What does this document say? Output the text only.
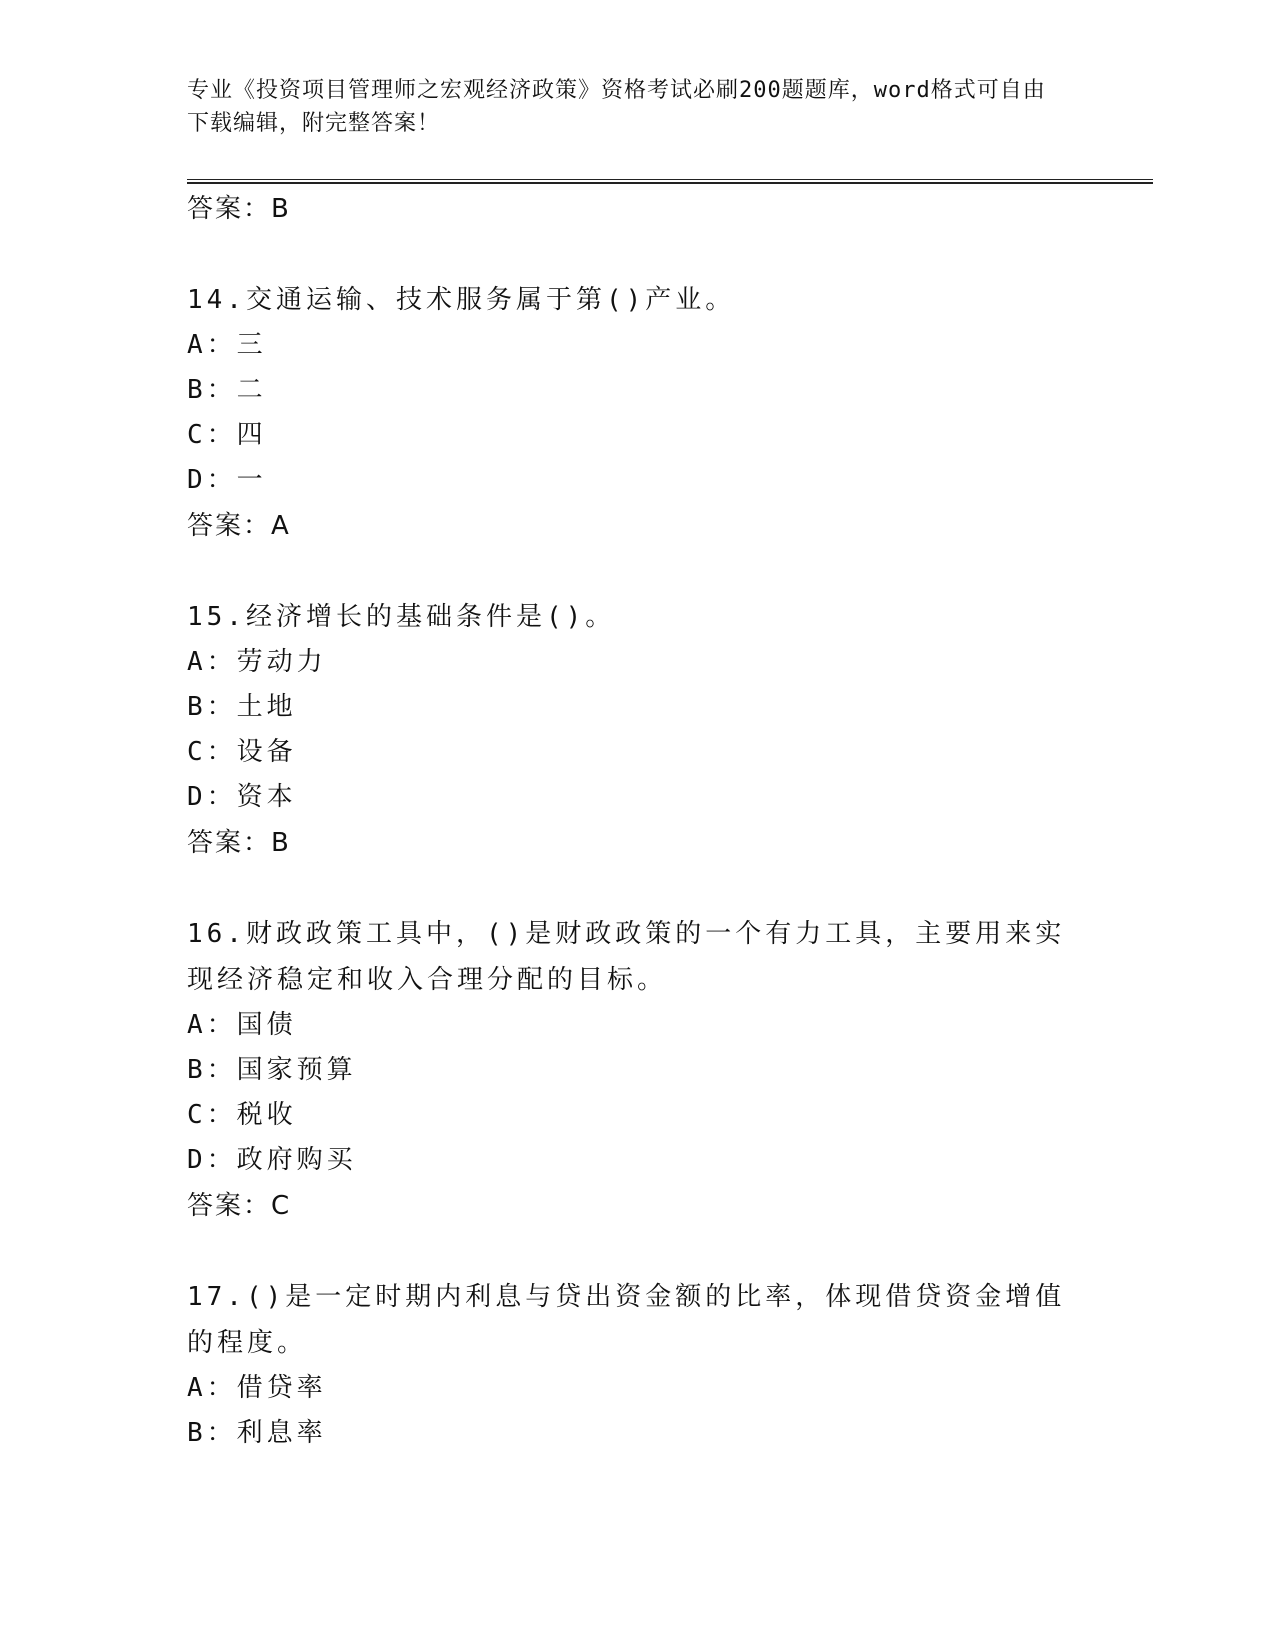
专业《投资项目管理师之宏观经济政策》资格考试必刷200题题库，word格式可自由下载编辑，附完整答案！

答案：B

14.交通运输、技术服务属于第()产业。

A：三

B：二

C：四

D：一

答案：A

15.经济增长的基础条件是()。

A：劳动力

B：土地

C：设备

D：资本

答案：B

16.财政政策工具中，()是财政政策的一个有力工具，主要用来实现经济稳定和收入合理分配的目标。

A：国债

B：国家预算

C：税收

D：政府购买

答案：C

17.()是一定时期内利息与贷出资金额的比率，体现借贷资金增值的程度。

A：借贷率

B：利息率
